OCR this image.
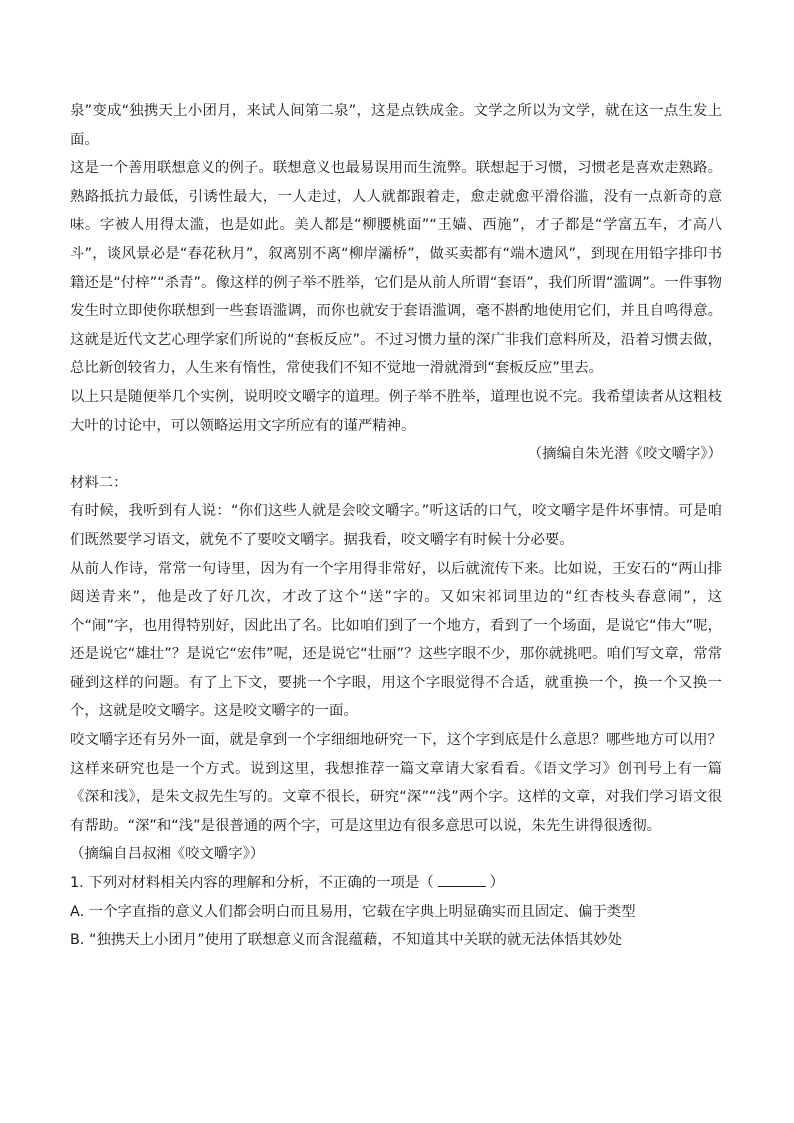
泉”变成“独携天上小团月，来试人间第二泉”，这是点铁成金。文学之所以为文学，就在这一点生发上面。

这是一个善用联想意义的例子。联想意义也最易误用而生流弊。联想起于习惯，习惯老是喜欢走熟路。熟路抵抗力最低，引诱性最大，一人走过，人人就都跟着走，愈走就愈平滑俗滥，没有一点新奇的意味。字被人用得太滥，也是如此。美人都是“柳腰桃面”“王嫱、西施”，才子都是“学富五车，才高八斗”，谈风景必是“春花秋月”，叙离别不离“柳岸灞桥”，做买卖都有“端木遗风”，到现在用铅字排印书籍还是“付梓”“杀青”。像这样的例子举不胜举，它们是从前人所谓“套语”，我们所谓“滥调”。一件事物发生时立即使你联想到一些套语滥调，而你也就安于套语滥调，毫不斟酌地使用它们，并且自鸣得意。这就是近代文艺心理学家们所说的“套板反应”。不过习惯力量的深广非我们意料所及，沿着习惯去做，总比新创较省力，人生来有惰性，常使我们不知不觉地一滑就滑到“套板反应”里去。

以上只是随便举几个实例，说明咬文嚼字的道理。例子举不胜举，道理也说不完。我希望读者从这粗枝大叶的讨论中，可以领略运用文字所应有的谨严精神。

（摘编自朱光潜《咬文嚼字》）

材料二：

有时候，我听到有人说：“你们这些人就是会咬文嚼字。”听这话的口气，咬文嚼字是件坏事情。可是咱们既然要学习语文，就免不了要咬文嚼字。据我看，咬文嚼字有时候十分必要。

从前人作诗，常常一句诗里，因为有一个字用得非常好，以后就流传下来。比如说，王安石的“两山排闼送青来”，他是改了好几次，才改了这个“送”字的。又如宋祁词里边的“红杏枝头春意闹”，这个“闹”字，也用得特别好，因此出了名。比如咱们到了一个地方，看到了一个场面，是说它“伟大”呢，还是说它“雄壮”？是说它“宏伟”呢，还是说它“壮丽”？这些字眼不少，那你就挑吧。咱们写文章，常常碰到这样的问题。有了上下文，要挑一个字眼，用这个字眼觉得不合适，就重换一个，换一个又换一个，这就是咬文嚼字。这是咬文嚼字的一面。

咬文嚼字还有另外一面，就是拿到一个字细细地研究一下，这个字到底是什么意思？哪些地方可以用？这样来研究也是一个方式。说到这里，我想推荐一篇文章请大家看看。《语文学习》创刊号上有一篇《深和浅》，是朱文叔先生写的。文章不很长，研究“深”“浅”两个字。这样的文章，对我们学习语文很有帮助。“深”和“浅”是很普通的两个字，可是这里边有很多意思可以说，朱先生讲得很透彻。

（摘编自吕叔湘《咬文嚼字》）

1. 下列对材料相关内容的理解和分析，不正确的一项是（	）

A. 一个字直指的意义人们都会明白而且易用，它载在字典上明显确实而且固定、偏于类型

B. “独携天上小团月”使用了联想意义而含混蕴藉，不知道其中关联的就无法体悟其妙处
